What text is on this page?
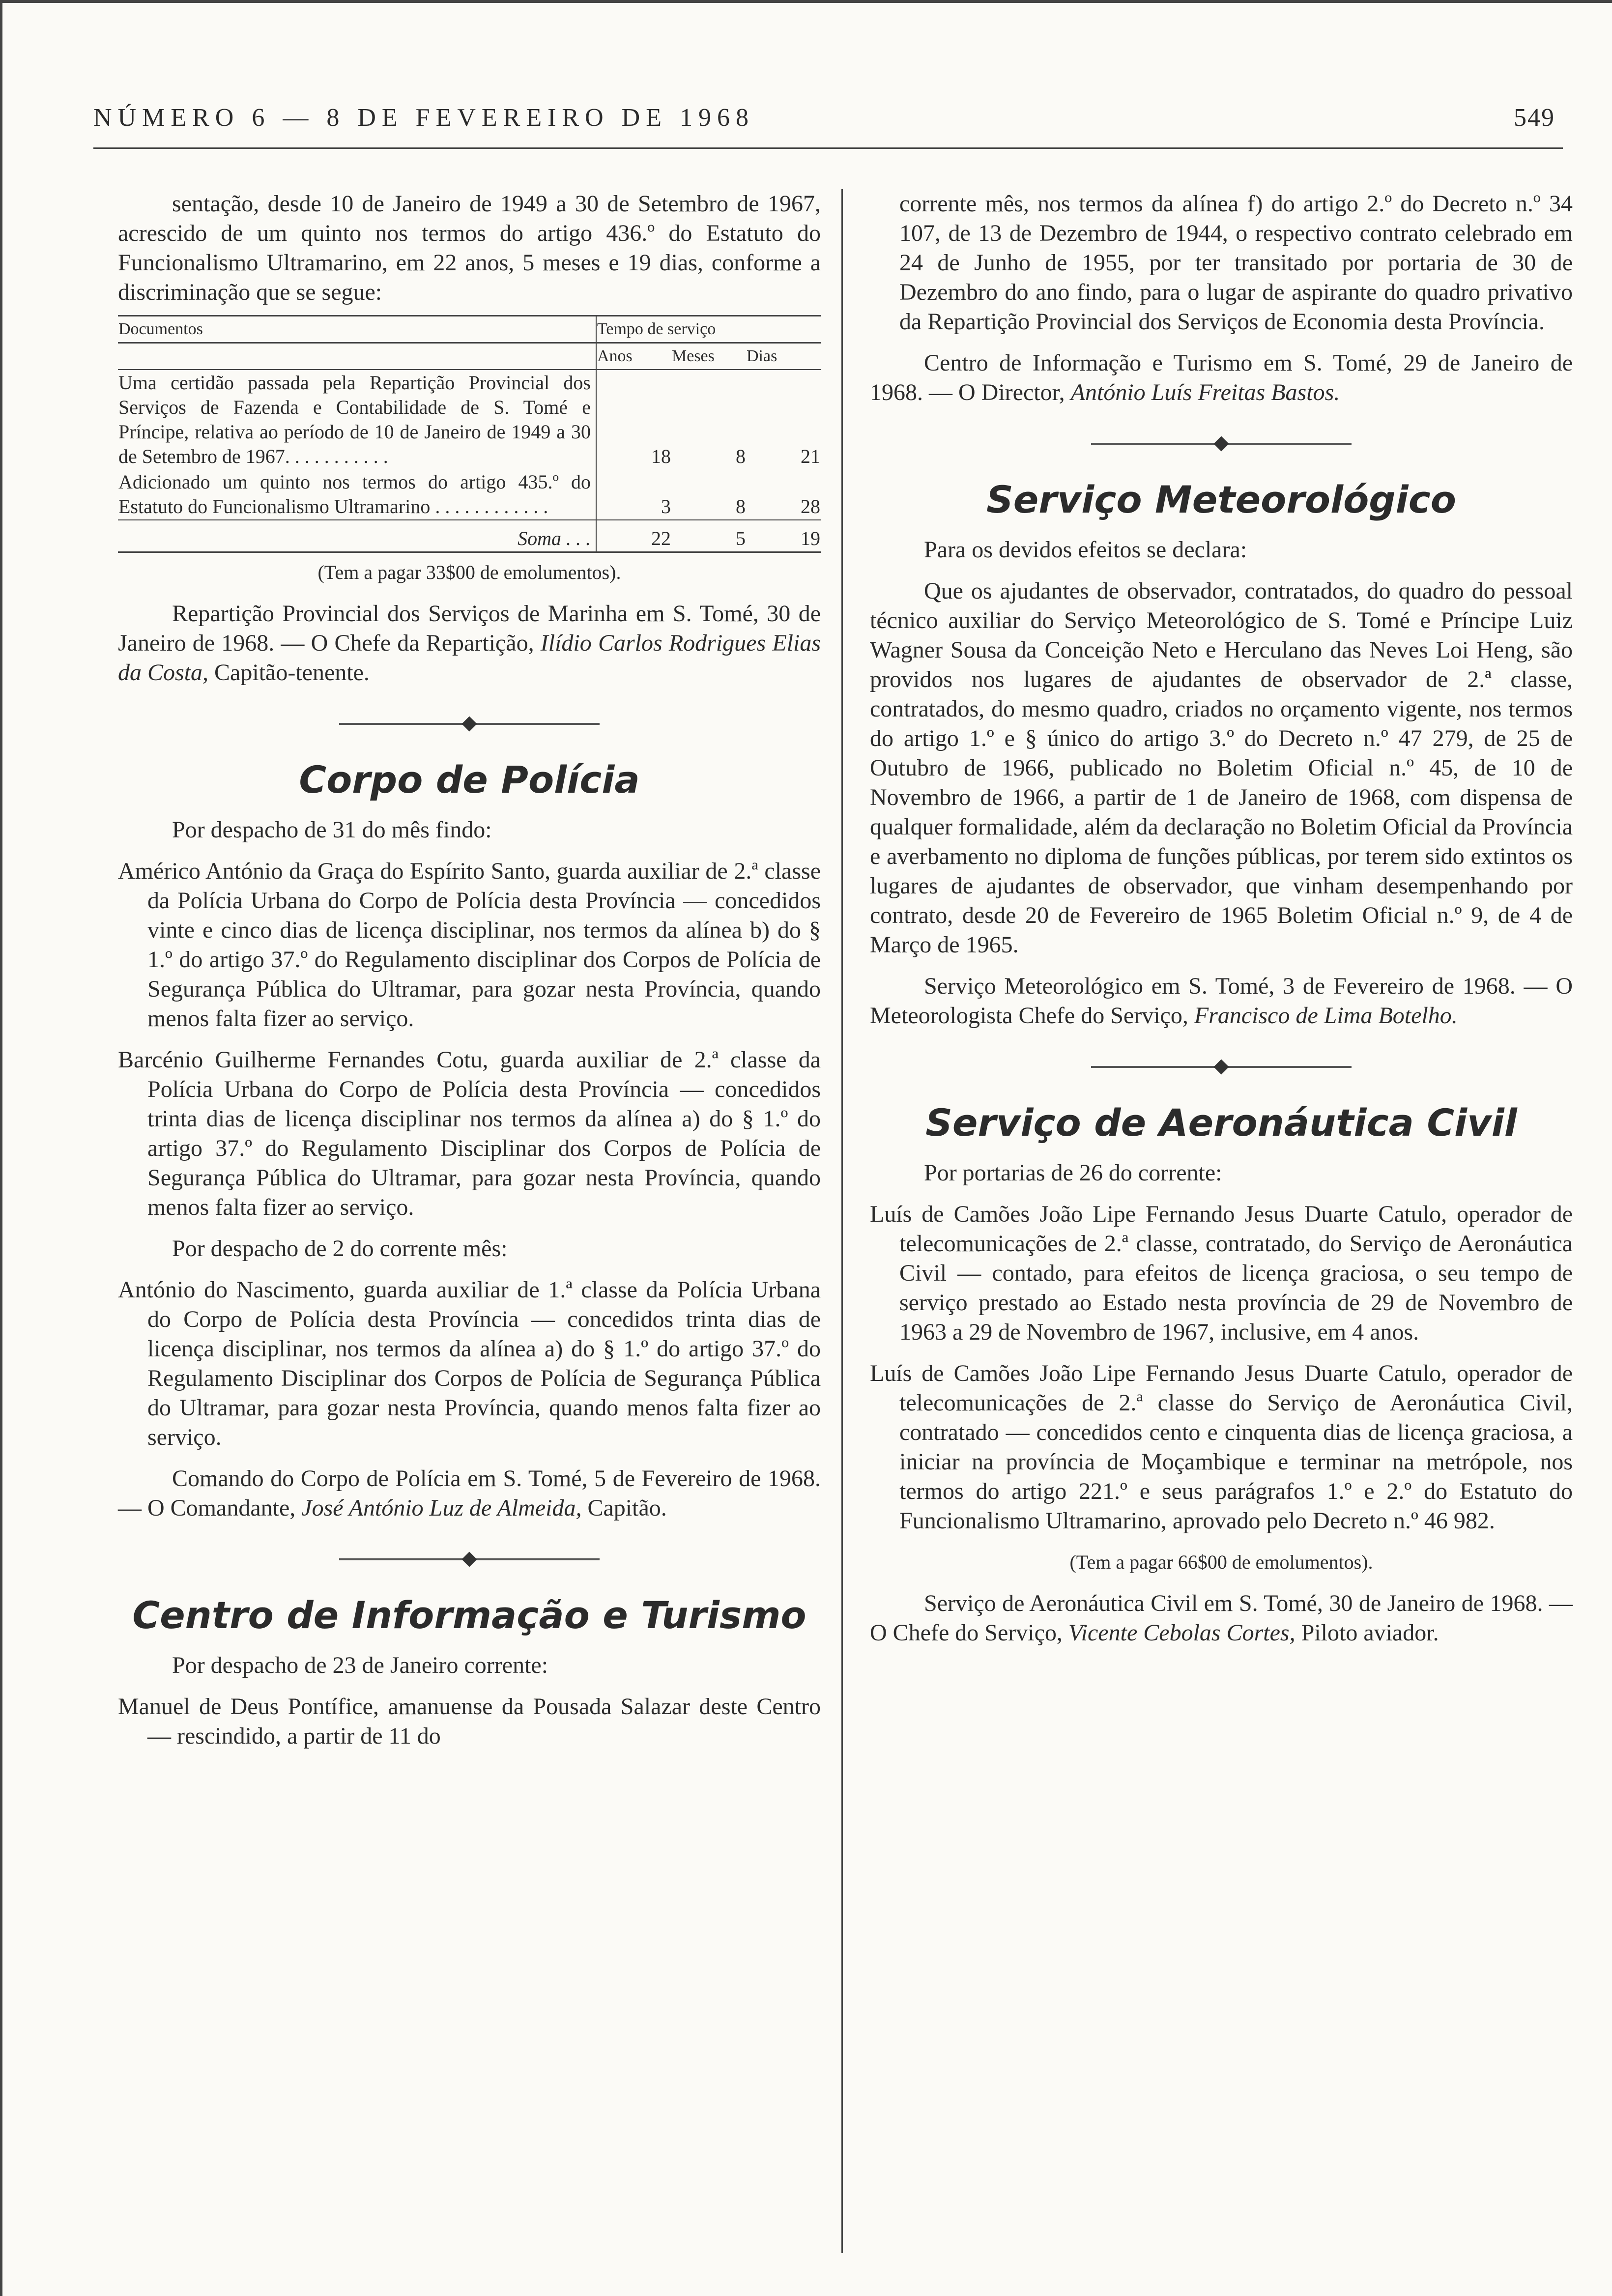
NÚMERO 6 — 8 DE FEVEREIRO DE 1968	549

sentação, desde 10 de Janeiro de 1949 a 30 de Setembro de 1967, acrescido de um quinto nos termos do artigo 436.º do Estatuto do Funcionalismo Ultramarino, em 22 anos, 5 meses e 19 dias, conforme a discriminação que se segue:

Documentos	Tempo de serviço		
	Anos	Meses	Dias
Uma certidão passada pela Repartição Provincial dos Serviços de Fazenda e Contabilidade de S. Tomé e Príncipe, relativa ao período de 10 de Janeiro de 1949 a 30 de Setembro de 1967. . . . . . . . . . .	18	8	21
Adicionado um quinto nos termos do artigo 435.º do Estatuto do Funcionalismo Ultramarino . . . . . . . . . . . .	3	8	28
Soma . . .	22	5	19

(Tem a pagar 33$00 de emolumentos).

Repartição Provincial dos Serviços de Marinha em S. Tomé, 30 de Janeiro de 1968. — O Chefe da Repartição, Ilídio Carlos Rodrigues Elias da Costa, Capitão-tenente.

Corpo de Polícia

Por despacho de 31 do mês findo:

Américo António da Graça do Espírito Santo, guarda auxiliar de 2.ª classe da Polícia Urbana do Corpo de Polícia desta Província — concedidos vinte e cinco dias de licença disciplinar, nos termos da alínea b) do § 1.º do artigo 37.º do Regulamento disciplinar dos Corpos de Polícia de Segurança Pública do Ultramar, para gozar nesta Província, quando menos falta fizer ao serviço.

Barcénio Guilherme Fernandes Cotu, guarda auxiliar de 2.ª classe da Polícia Urbana do Corpo de Polícia desta Província — concedidos trinta dias de licença disciplinar nos termos da alínea a) do § 1.º do artigo 37.º do Regulamento Disciplinar dos Corpos de Polícia de Segurança Pública do Ultramar, para gozar nesta Província, quando menos falta fizer ao serviço.

Por despacho de 2 do corrente mês:

António do Nascimento, guarda auxiliar de 1.ª classe da Polícia Urbana do Corpo de Polícia desta Província — concedidos trinta dias de licença disciplinar, nos termos da alínea a) do § 1.º do artigo 37.º do Regulamento Disciplinar dos Corpos de Polícia de Segurança Pública do Ultramar, para gozar nesta Província, quando menos falta fizer ao serviço.

Comando do Corpo de Polícia em S. Tomé, 5 de Fevereiro de 1968. — O Comandante, José António Luz de Almeida, Capitão.

Centro de Informação e Turismo

Por despacho de 23 de Janeiro corrente:

Manuel de Deus Pontífice, amanuense da Pousada Salazar deste Centro — rescindido, a partir de 11 do

corrente mês, nos termos da alínea f) do artigo 2.º do Decreto n.º 34 107, de 13 de Dezembro de 1944, o respectivo contrato celebrado em 24 de Junho de 1955, por ter transitado por portaria de 30 de Dezembro do ano findo, para o lugar de aspirante do quadro privativo da Repartição Provincial dos Serviços de Economia desta Província.

Centro de Informação e Turismo em S. Tomé, 29 de Janeiro de 1968. — O Director, António Luís Freitas Bastos.

Serviço Meteorológico

Para os devidos efeitos se declara:

Que os ajudantes de observador, contratados, do quadro do pessoal técnico auxiliar do Serviço Meteorológico de S. Tomé e Príncipe Luiz Wagner Sousa da Conceição Neto e Herculano das Neves Loi Heng, são providos nos lugares de ajudantes de observador de 2.ª classe, contratados, do mesmo quadro, criados no orçamento vigente, nos termos do artigo 1.º e § único do artigo 3.º do Decreto n.º 47 279, de 25 de Outubro de 1966, publicado no Boletim Oficial n.º 45, de 10 de Novembro de 1966, a partir de 1 de Janeiro de 1968, com dispensa de qualquer formalidade, além da declaração no Boletim Oficial da Província e averbamento no diploma de funções públicas, por terem sido extintos os lugares de ajudantes de observador, que vinham desempenhando por contrato, desde 20 de Fevereiro de 1965 Boletim Oficial n.º 9, de 4 de Março de 1965.

Serviço Meteorológico em S. Tomé, 3 de Fevereiro de 1968. — O Meteorologista Chefe do Serviço, Francisco de Lima Botelho.

Serviço de Aeronáutica Civil

Por portarias de 26 do corrente:

Luís de Camões João Lipe Fernando Jesus Duarte Catulo, operador de telecomunicações de 2.ª classe, contratado, do Serviço de Aeronáutica Civil — contado, para efeitos de licença graciosa, o seu tempo de serviço prestado ao Estado nesta província de 29 de Novembro de 1963 a 29 de Novembro de 1967, inclusive, em 4 anos.

Luís de Camões João Lipe Fernando Jesus Duarte Catulo, operador de telecomunicações de 2.ª classe do Serviço de Aeronáutica Civil, contratado — concedidos cento e cinquenta dias de licença graciosa, a iniciar na província de Moçambique e terminar na metrópole, nos termos do artigo 221.º e seus parágrafos 1.º e 2.º do Estatuto do Funcionalismo Ultramarino, aprovado pelo Decreto n.º 46 982.

(Tem a pagar 66$00 de emolumentos).

Serviço de Aeronáutica Civil em S. Tomé, 30 de Janeiro de 1968. — O Chefe do Serviço, Vicente Cebolas Cortes, Piloto aviador.
